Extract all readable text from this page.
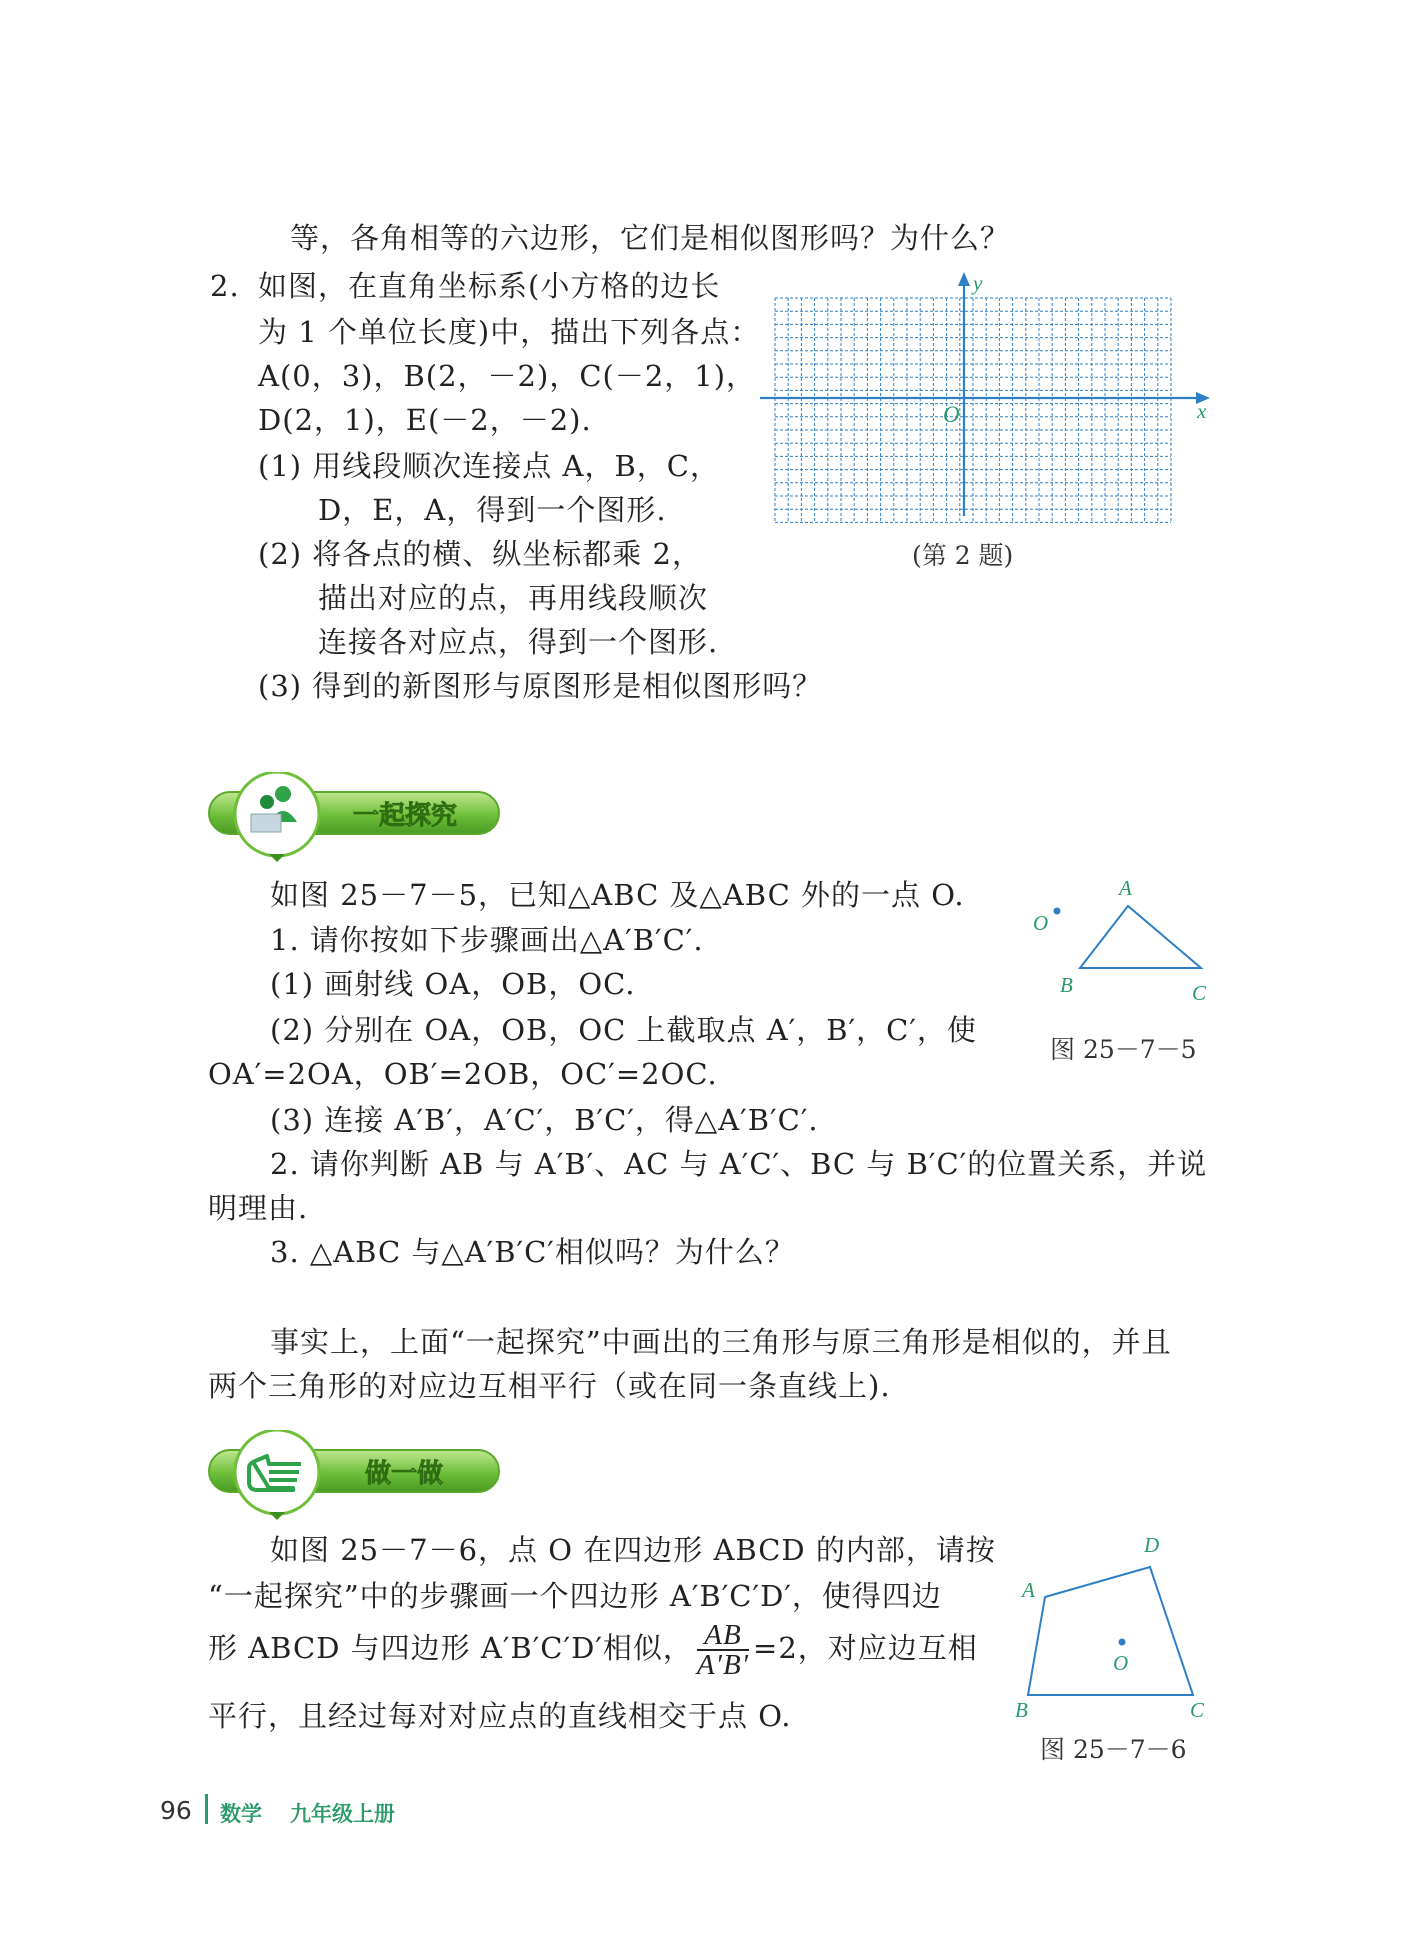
等，各角相等的六边形，它们是相似图形吗？为什么？
2. 如图，在直角坐标系(小方格的边长
为 1 个单位长度)中，描出下列各点：
A(0，3)，B(2，－2)，C(－2，1)，
D(2，1)，E(－2，－2).
(1) 用线段顺次连接点 A，B，C，
D，E，A，得到一个图形.
(2) 将各点的横、纵坐标都乘 2，
描出对应的点，再用线段顺次
连接各对应点，得到一个图形.
(3) 得到的新图形与原图形是相似图形吗？
x
y
O
(第 2 题)
一起探究
如图 25－7－5，已知△ABC 及△ABC 外的一点 O.
1. 请你按如下步骤画出△A′B′C′.
(1) 画射线 OA，OB，OC.
(2) 分别在 OA，OB，OC 上截取点 A′，B′，C′，使
OA′=2OA，OB′=2OB，OC′=2OC.
(3) 连接 A′B′，A′C′，B′C′，得△A′B′C′.
2. 请你判断 AB 与 A′B′、AC 与 A′C′、BC 与 B′C′的位置关系，并说
明理由.
3. △ABC 与△A′B′C′相似吗？为什么？
A
O
B	C
图 25－7－5
事实上，上面“一起探究”中画出的三角形与原三角形是相似的，并且
两个三角形的对应边互相平行（或在同一条直线上).
做一做
如图 25－7－6，点 O 在四边形 ABCD 的内部，请按
“一起探究”中的步骤画一个四边形 A′B′C′D′，使得四边
形 ABCD 与四边形 A′B′C′D′相似， $\frac{AB}{A'B'} =2$，对应边互相
平行，且经过每对对应点的直线相交于点 O.
A
D
O
B	C
图 25－7－6
96 数学 九年级上册
